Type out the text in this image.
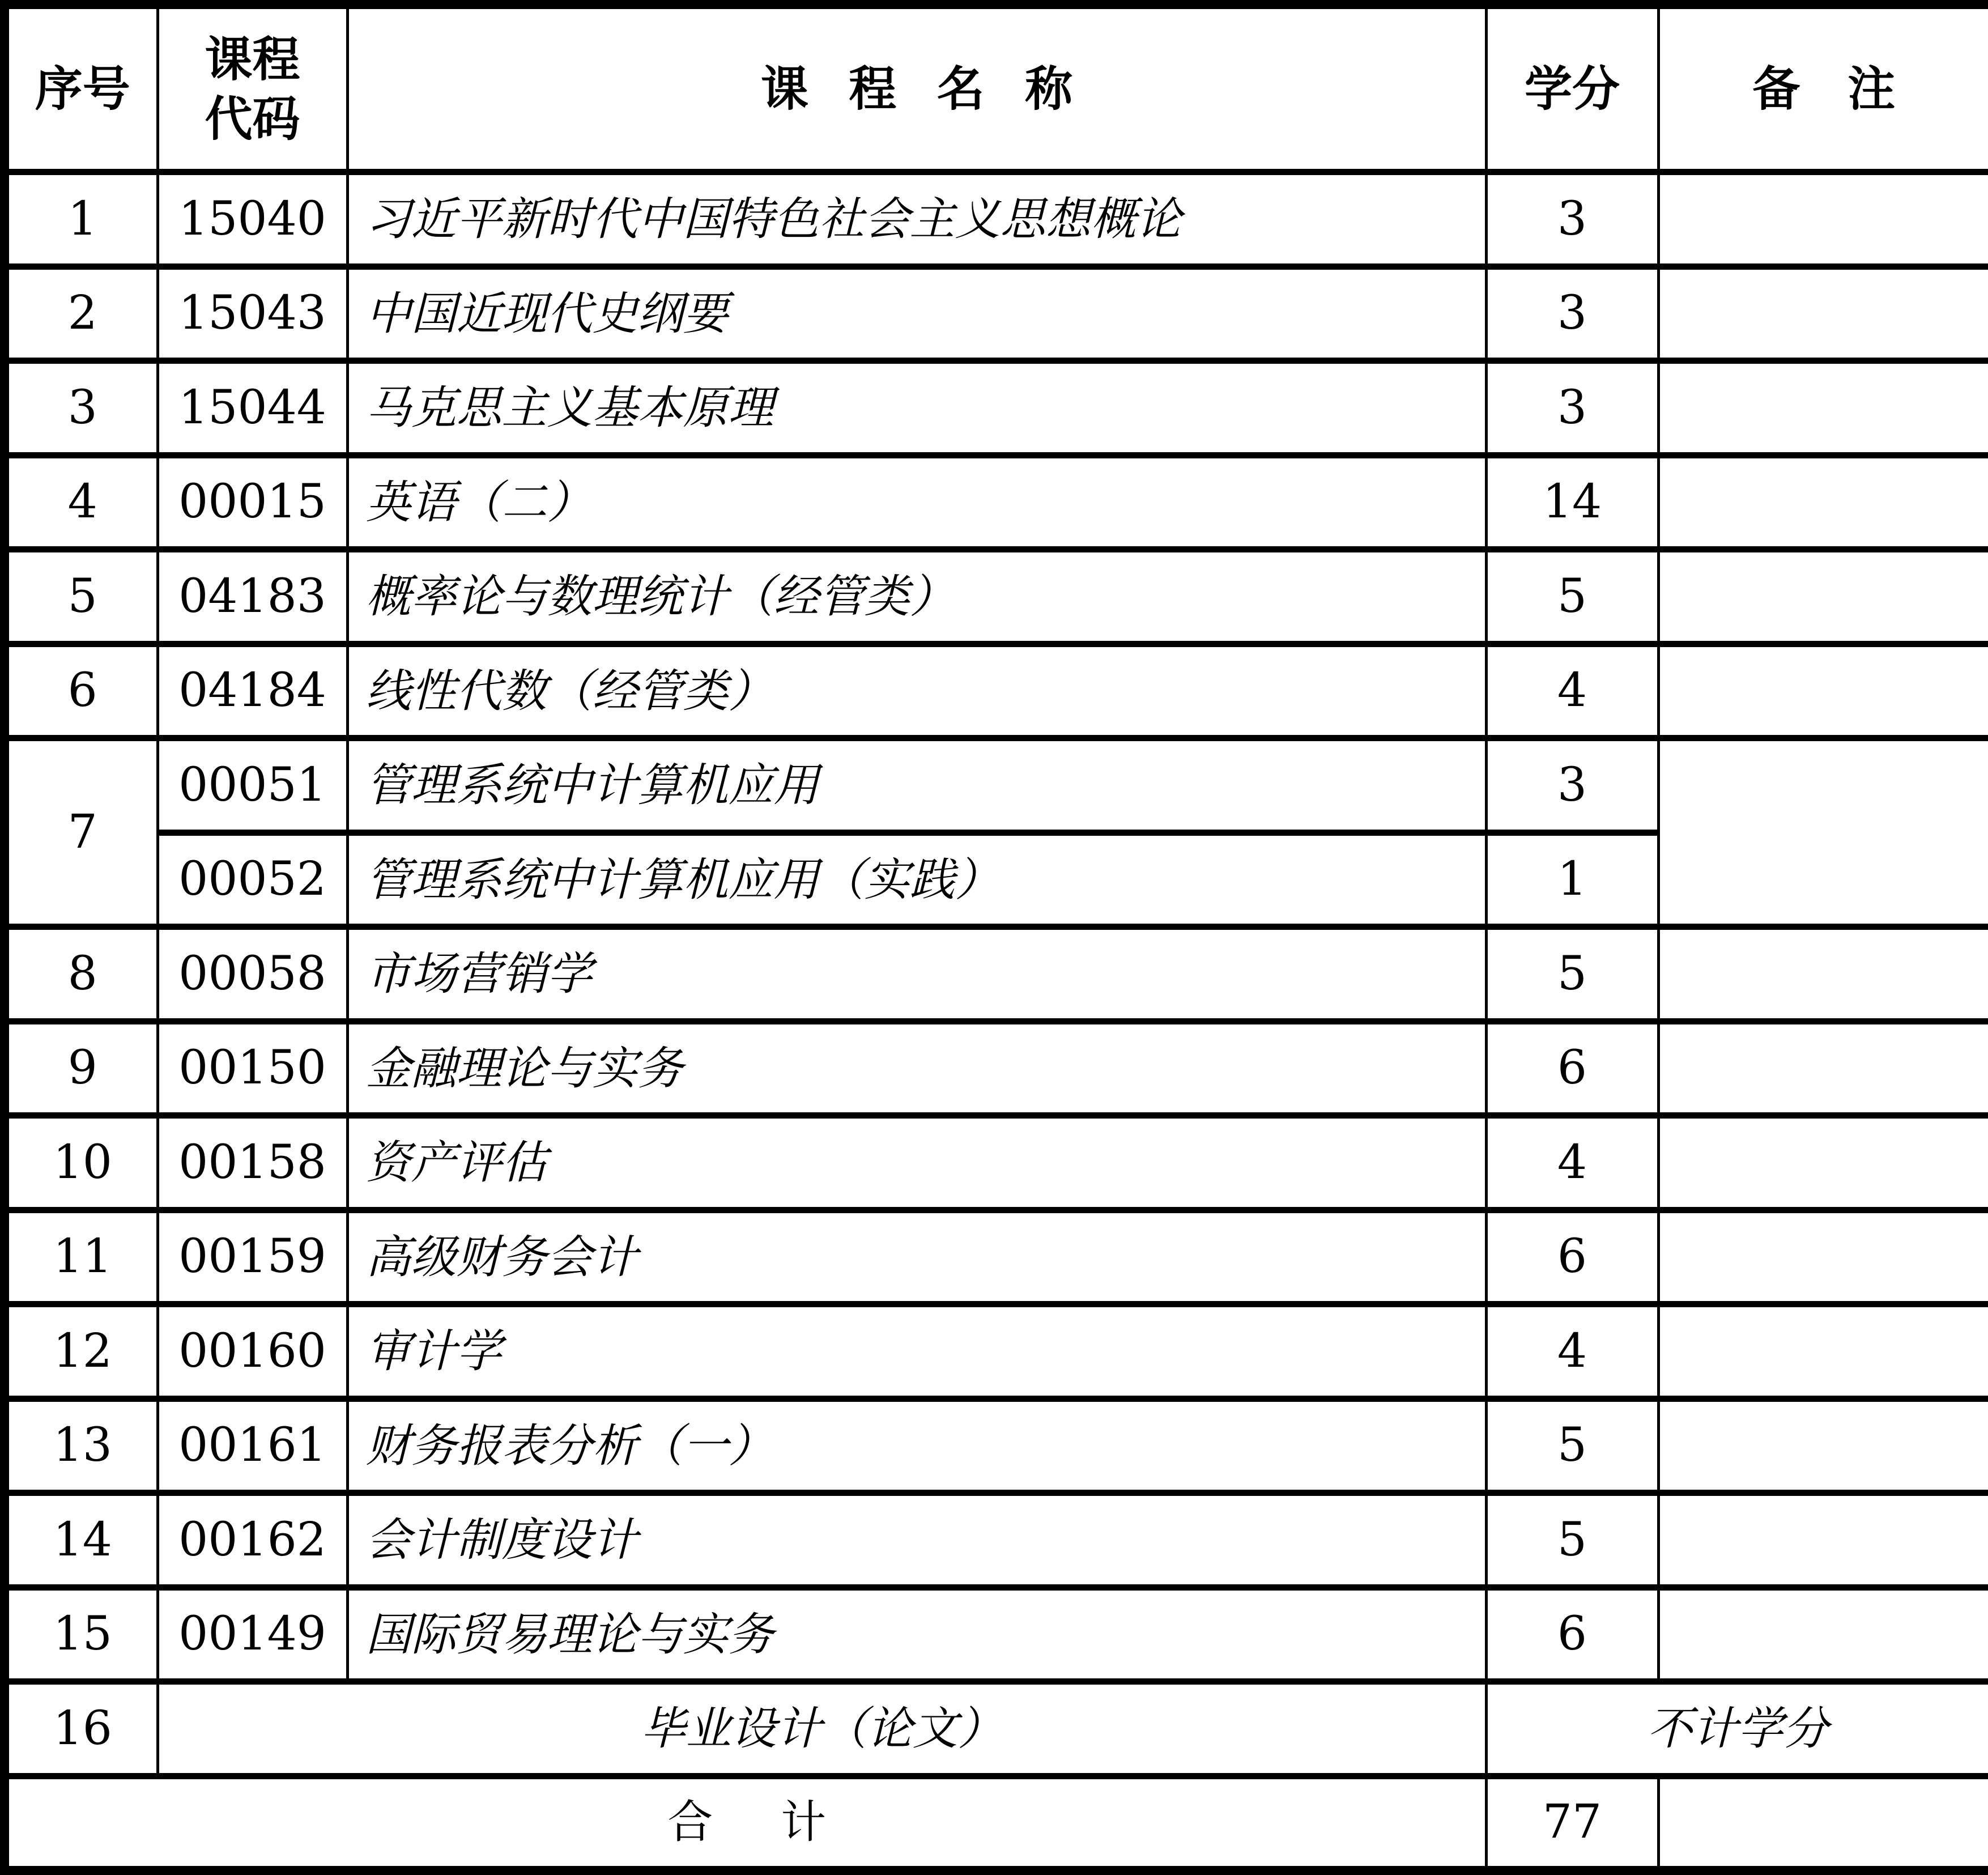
序号	课程代码	课程名称	学分	备注
1	15040	习近平新时代中国特色社会主义思想概论	3	
2	15043	中国近现代史纲要	3	
3	15044	马克思主义基本原理	3	
4	00015	英语（二）	14	
5	04183	概率论与数理统计（经管类）	5	
6	04184	线性代数（经管类）	4	
7	00051	管理系统中计算机应用	3	
	00052	管理系统中计算机应用（实践）	1	
8	00058	市场营销学	5	
9	00150	金融理论与实务	6	
10	00158	资产评估	4	
11	00159	高级财务会计	6	
12	00160	审计学	4	
13	00161	财务报表分析（一）	5	
14	00162	会计制度设计	5	
15	00149	国际贸易理论与实务	6	
16	毕业设计（论文）		不计学分	
合计			77	
